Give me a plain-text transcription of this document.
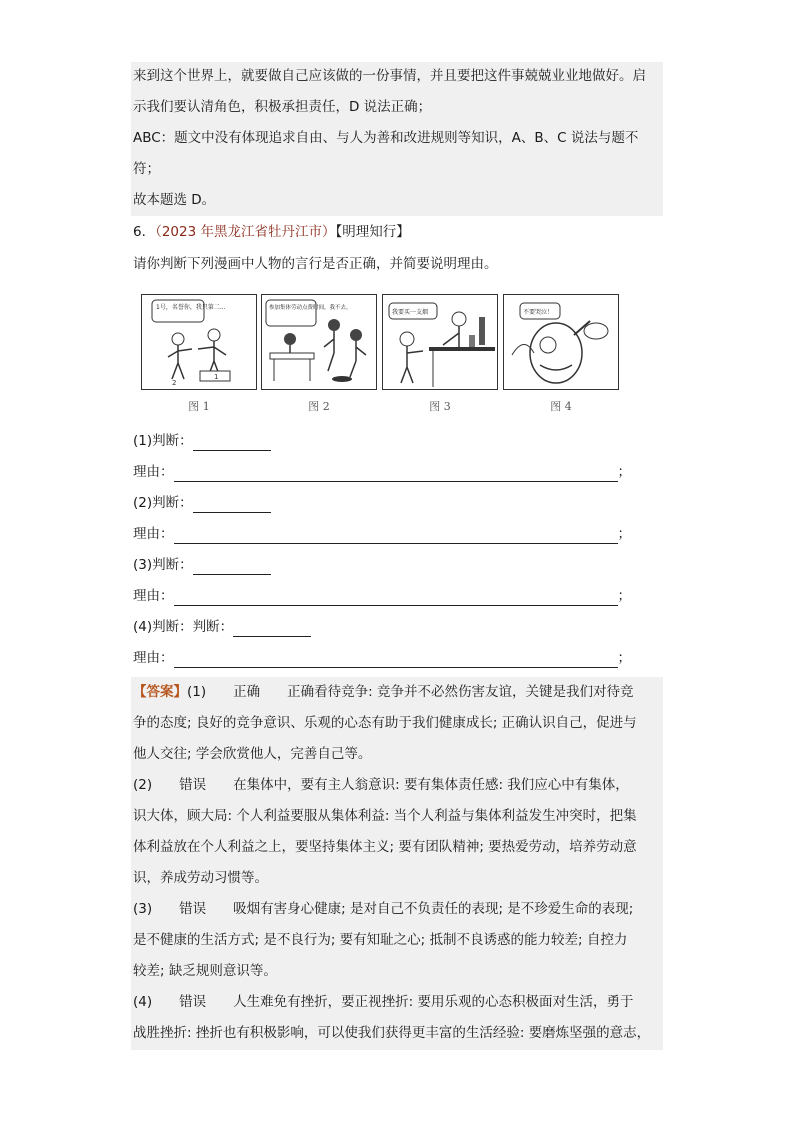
来到这个世界上，就要做自己应该做的一份事情，并且要把这件事兢兢业业地做好。启
示我们要认清角色，积极承担责任，D 说法正确；
ABC：题文中没有体现追求自由、与人为善和改进规则等知识，A、B、C 说法与题不
符；
故本题选 D。
6．（2023 年黑龙江省牡丹江市）【明理知行】
请你判断下列漫画中人物的言行是否正确，并简要说明理由。
1号，名誉你，我只第二...
2
1
参加集体劳动点费时间，我不去。
我要买一支烟	不要哭泣！
图 1	图 2	图 3	图 4
(1)判断：
理由：	；
(2)判断：
理由：	；
(3)判断：
理由：	；
(4)判断：判断：
理由：	；
【答案】(1)　　正确　　正确看待竞争: 竞争并不必然伤害友谊，关键是我们对待竞
争的态度; 良好的竞争意识、乐观的心态有助于我们健康成长; 正确认识自己，促进与
他人交往; 学会欣赏他人，完善自己等。
(2)　　错误　　在集体中，要有主人翁意识: 要有集体责任感: 我们应心中有集体，
识大体，顾大局: 个人利益要服从集体利益: 当个人利益与集体利益发生冲突时，把集
体利益放在个人利益之上，要坚持集体主义; 要有团队精神; 要热爱劳动，培养劳动意
识，养成劳动习惯等。
(3)　　错误　　吸烟有害身心健康; 是对自己不负责任的表现; 是不珍爱生命的表现;
是不健康的生活方式; 是不良行为; 要有知耻之心; 抵制不良诱惑的能力较差; 自控力
较差; 缺乏规则意识等。
(4)　　错误　　人生难免有挫折，要正视挫折: 要用乐观的心态积极面对生活，勇于
战胜挫折: 挫折也有积极影响，可以使我们获得更丰富的生活经验: 要磨炼坚强的意志，
